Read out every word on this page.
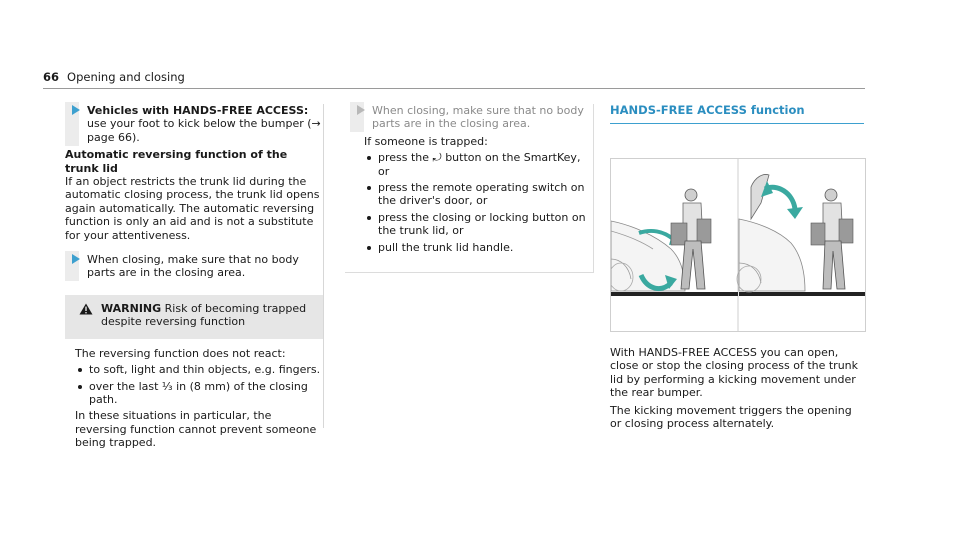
66 Opening and closing
Vehicles with HANDS-FREE ACCESS: use your foot to kick below the bumper (→ page 66).

Automatic reversing function of the trunk lid

If an object restricts the trunk lid during the automatic closing process, the trunk lid opens again automatically. The automatic reversing function is only an aid and is not a substitute for your attentiveness.

When closing, make sure that no body parts are in the closing area.
WARNING Risk of becoming trapped despite reversing function

The reversing function does not react:

to soft, light and thin objects, e.g. fingers.
over the last ⅓ in (8 mm) of the closing path.

In these situations in particular, the reversing function cannot prevent someone being trapped.

When closing, make sure that no body parts are in the closing area.

If someone is trapped:

press the ⤾ button on the SmartKey, or
press the remote operating switch on the driver's door, or
press the closing or locking button on the trunk lid, or
pull the trunk lid handle.
HANDS-FREE ACCESS function

With HANDS-FREE ACCESS you can open, close or stop the closing process of the trunk lid by performing a kicking movement under the rear bumper.

The kicking movement triggers the opening or closing process alternately.
